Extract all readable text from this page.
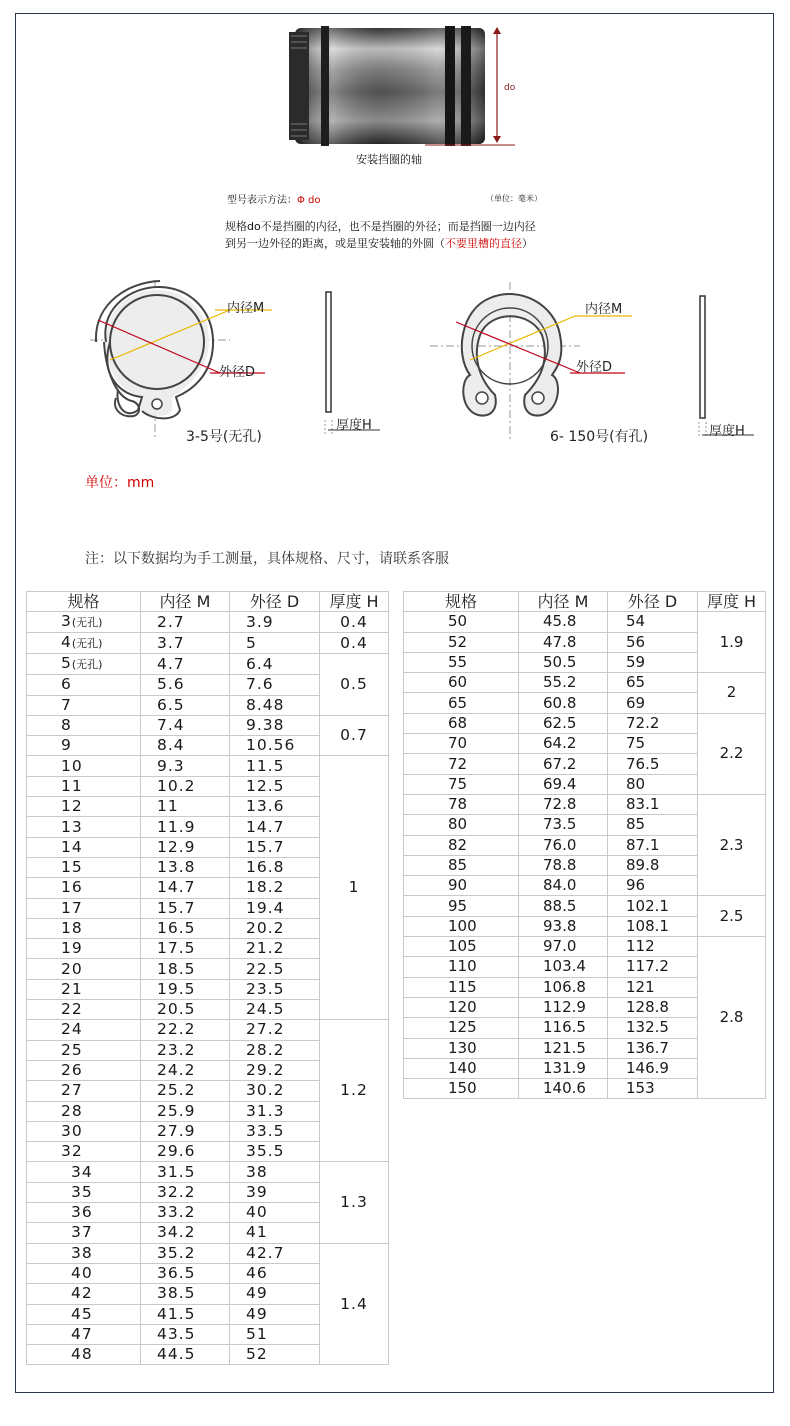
do
安装挡圈的轴
型号表示方法：Φ do	（单位：毫米）
规格do不是挡圈的内径，也不是挡圈的外径；而是挡圈一边内径
到另一边外径的距离，或是里安装轴的外圆（不要里槽的直径）
内径M
外径D
厚度H
3-5号(无孔)
内径M
外径D
厚度H
6- 150号(有孔)
单位：mm
注：以下数据均为手工测量，具体规格、尺寸，请联系客服
规格	内径 M	外径 D	厚度 H
3(无孔)	2.7	3.9	0.4
4(无孔)	3.7	5	0.4
5(无孔)	4.7	6.4	0.5
6	5.6	7.6	
7	6.5	8.48	
8	7.4	9.38	0.7
9	8.4	10.56	
10	9.3	11.5	1
11	10.2	12.5	
12	11	13.6	
13	11.9	14.7	
14	12.9	15.7	
15	13.8	16.8	
16	14.7	18.2	
17	15.7	19.4	
18	16.5	20.2	
19	17.5	21.2	
20	18.5	22.5	
21	19.5	23.5	
22	20.5	24.5	
24	22.2	27.2	1.2
25	23.2	28.2	
26	24.2	29.2	
27	25.2	30.2	
28	25.9	31.3	
30	27.9	33.5	
32	29.6	35.5	
34	31.5	38	1.3
35	32.2	39	
36	33.2	40	
37	34.2	41	
38	35.2	42.7	1.4
40	36.5	46	
42	38.5	49	
45	41.5	49	
47	43.5	51	
48	44.5	52	
规格	内径 M	外径 D	厚度 H
50	45.8	54	1.9
52	47.8	56	
55	50.5	59	
60	55.2	65	2
65	60.8	69	
68	62.5	72.2	2.2
70	64.2	75	
72	67.2	76.5	
75	69.4	80	
78	72.8	83.1	2.3
80	73.5	85	
82	76.0	87.1	
85	78.8	89.8	
90	84.0	96	
95	88.5	102.1	2.5
100	93.8	108.1	
105	97.0	112	2.8
110	103.4	117.2	
115	106.8	121	
120	112.9	128.8	
125	116.5	132.5	
130	121.5	136.7	
140	131.9	146.9	
150	140.6	153	
